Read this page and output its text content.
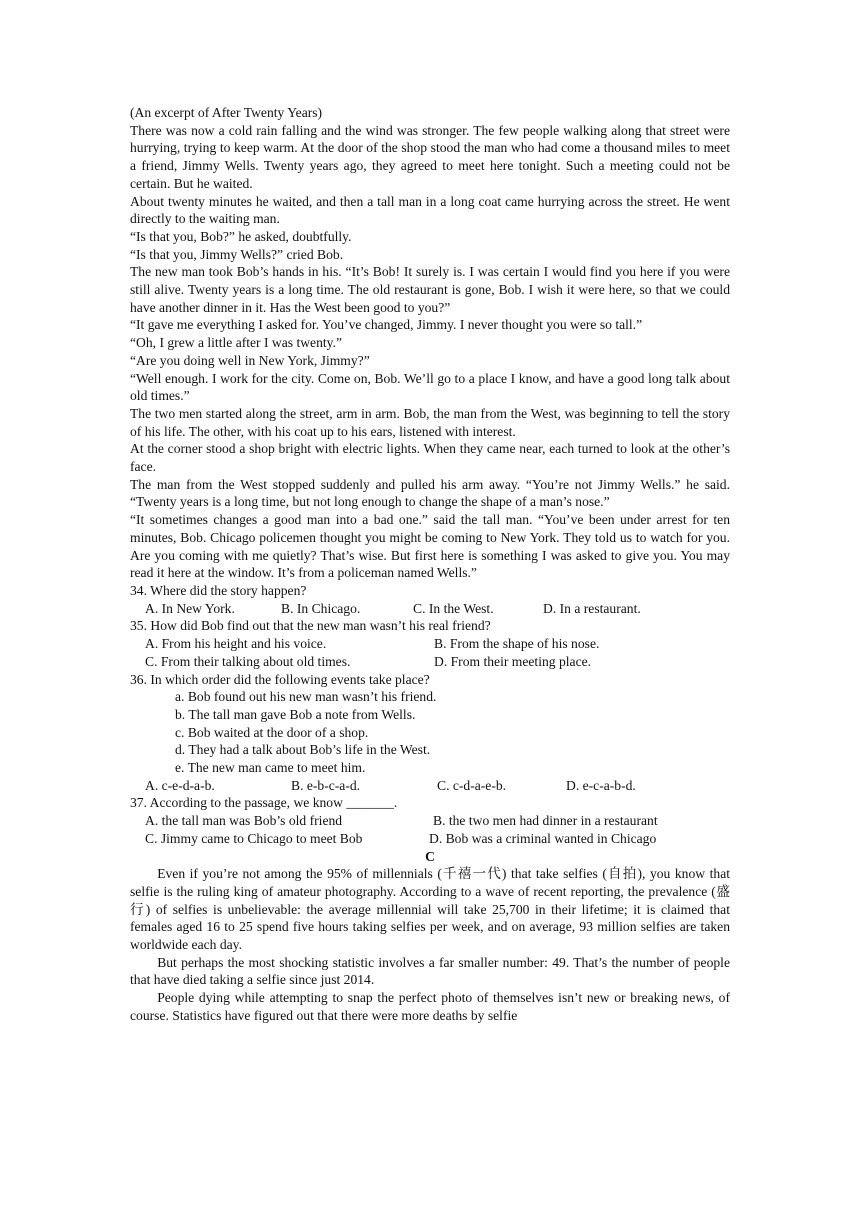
(An excerpt of After Twenty Years)

There was now a cold rain falling and the wind was stronger. The few people walking along that street were hurrying, trying to keep warm. At the door of the shop stood the man who had come a thousand miles to meet a friend, Jimmy Wells. Twenty years ago, they agreed to meet here tonight. Such a meeting could not be certain. But he waited.

About twenty minutes he waited, and then a tall man in a long coat came hurrying across the street. He went directly to the waiting man.

“Is that you, Bob?” he asked, doubtfully.

“Is that you, Jimmy Wells?” cried Bob.

The new man took Bob’s hands in his. “It’s Bob! It surely is. I was certain I would find you here if you were still alive. Twenty years is a long time. The old restaurant is gone, Bob. I wish it were here, so that we could have another dinner in it. Has the West been good to you?”

“It gave me everything I asked for. You’ve changed, Jimmy. I never thought you were so tall.”

“Oh, I grew a little after I was twenty.”

“Are you doing well in New York, Jimmy?”

“Well enough. I work for the city. Come on, Bob. We’ll go to a place I know, and have a good long talk about old times.”

The two men started along the street, arm in arm. Bob, the man from the West, was beginning to tell the story of his life. The other, with his coat up to his ears, listened with interest.

At the corner stood a shop bright with electric lights. When they came near, each turned to look at the other’s face.

The man from the West stopped suddenly and pulled his arm away. “You’re not Jimmy Wells.” he said. “Twenty years is a long time, but not long enough to change the shape of a man’s nose.”

“It sometimes changes a good man into a bad one.” said the tall man. “You’ve been under arrest for ten minutes, Bob. Chicago policemen thought you might be coming to New York. They told us to watch for you. Are you coming with me quietly? That’s wise. But first here is something I was asked to give you. You may read it here at the window. It’s from a policeman named Wells.”

34. Where did the story happen?

A. In New York.	B. In Chicago.	C. In the West.	D. In a restaurant.

35. How did Bob find out that the new man wasn’t his real friend?

A. From his height and his voice.	B. From the shape of his nose.
C. From their talking about old times.	D. From their meeting place.

36. In which order did the following events take place?

a. Bob found out his new man wasn’t his friend.

b. The tall man gave Bob a note from Wells.

c. Bob waited at the door of a shop.

d. They had a talk about Bob’s life in the West.

e. The new man came to meet him.

A. c-e-d-a-b.	B. e-b-c-a-d.	C. c-d-a-e-b.	D. e-c-a-b-d.

37. According to the passage, we know _______.

A. the tall man was Bob’s old friend	B. the two men had dinner in a restaurant
C. Jimmy came to Chicago to meet Bob	D. Bob was a criminal wanted in Chicago

C

Even if you’re not among the 95% of millennials (千禧一代) that take selfies (自拍), you know that selfie is the ruling king of amateur photography. According to a wave of recent reporting, the prevalence (盛行) of selfies is unbelievable: the average millennial will take 25,700 in their lifetime; it is claimed that females aged 16 to 25 spend five hours taking selfies per week, and on average, 93 million selfies are taken worldwide each day.

But perhaps the most shocking statistic involves a far smaller number: 49. That’s the number of people that have died taking a selfie since just 2014.

People dying while attempting to snap the perfect photo of themselves isn’t new or breaking news, of course. Statistics have figured out that there were more deaths by selfie
